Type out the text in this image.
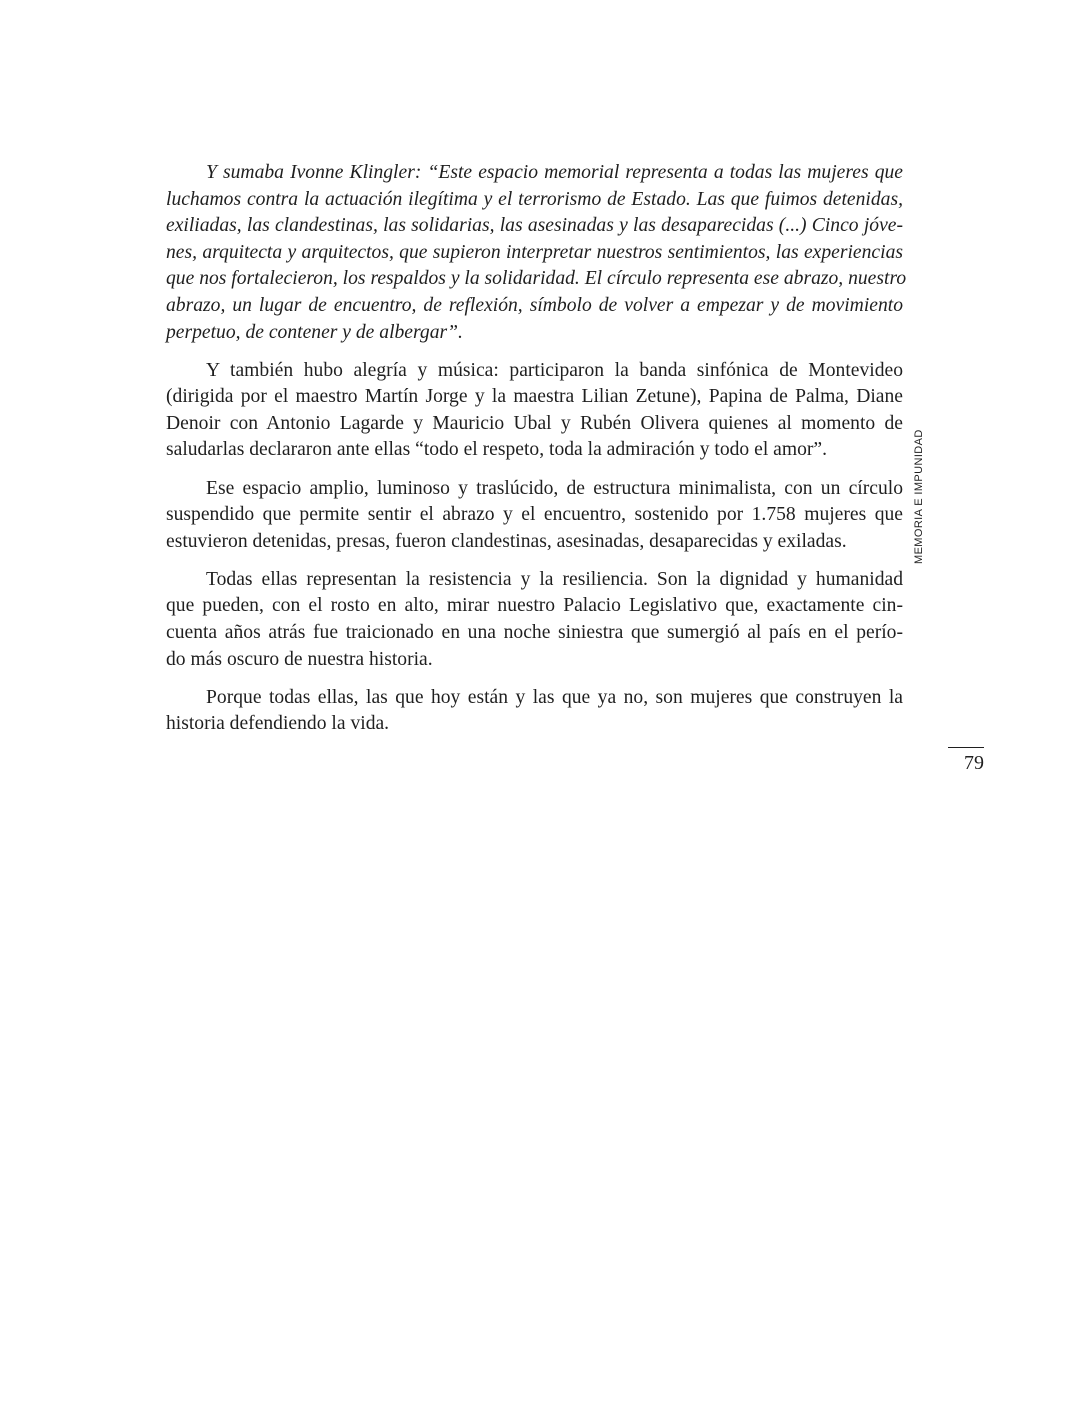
Y sumaba Ivonne Klingler: “Este espacio memorial representa a todas las mujeres que
luchamos contra la actuación ilegítima y el terrorismo de Estado. Las que fuimos detenidas,
exiliadas, las clandestinas, las solidarias, las asesinadas y las desaparecidas (...) Cinco jóve-
nes, arquitecta y arquitectos, que supieron interpretar nuestros sentimientos, las experiencias
que nos fortalecieron, los respaldos y la solidaridad. El círculo representa ese abrazo, nuestro
abrazo, un lugar de encuentro, de reflexión, símbolo de volver a empezar y de movimiento
perpetuo, de contener y de albergar”.
Y también hubo alegría y música: participaron la banda sinfónica de Montevideo
(dirigida por el maestro Martín Jorge y la maestra Lilian Zetune), Papina de Palma, Diane
Denoir con Antonio Lagarde y Mauricio Ubal y Rubén Olivera quienes al momento de
saludarlas declararon ante ellas “todo el respeto, toda la admiración y todo el amor”.
Ese espacio amplio, luminoso y traslúcido, de estructura minimalista, con un círculo
suspendido que permite sentir el abrazo y el encuentro, sostenido por 1.758 mujeres que
estuvieron detenidas, presas, fueron clandestinas, asesinadas, desaparecidas y exiladas.
Todas ellas representan la resistencia y la resiliencia. Son la dignidad y humanidad
que pueden, con el rosto en alto, mirar nuestro Palacio Legislativo que, exactamente cin-
cuenta años atrás fue traicionado en una noche siniestra que sumergió al país en el perío-
do más oscuro de nuestra historia.
Porque todas ellas, las que hoy están y las que ya no, son mujeres que construyen la
historia defendiendo la vida.
MEMORIA E IMPUNIDAD
79
